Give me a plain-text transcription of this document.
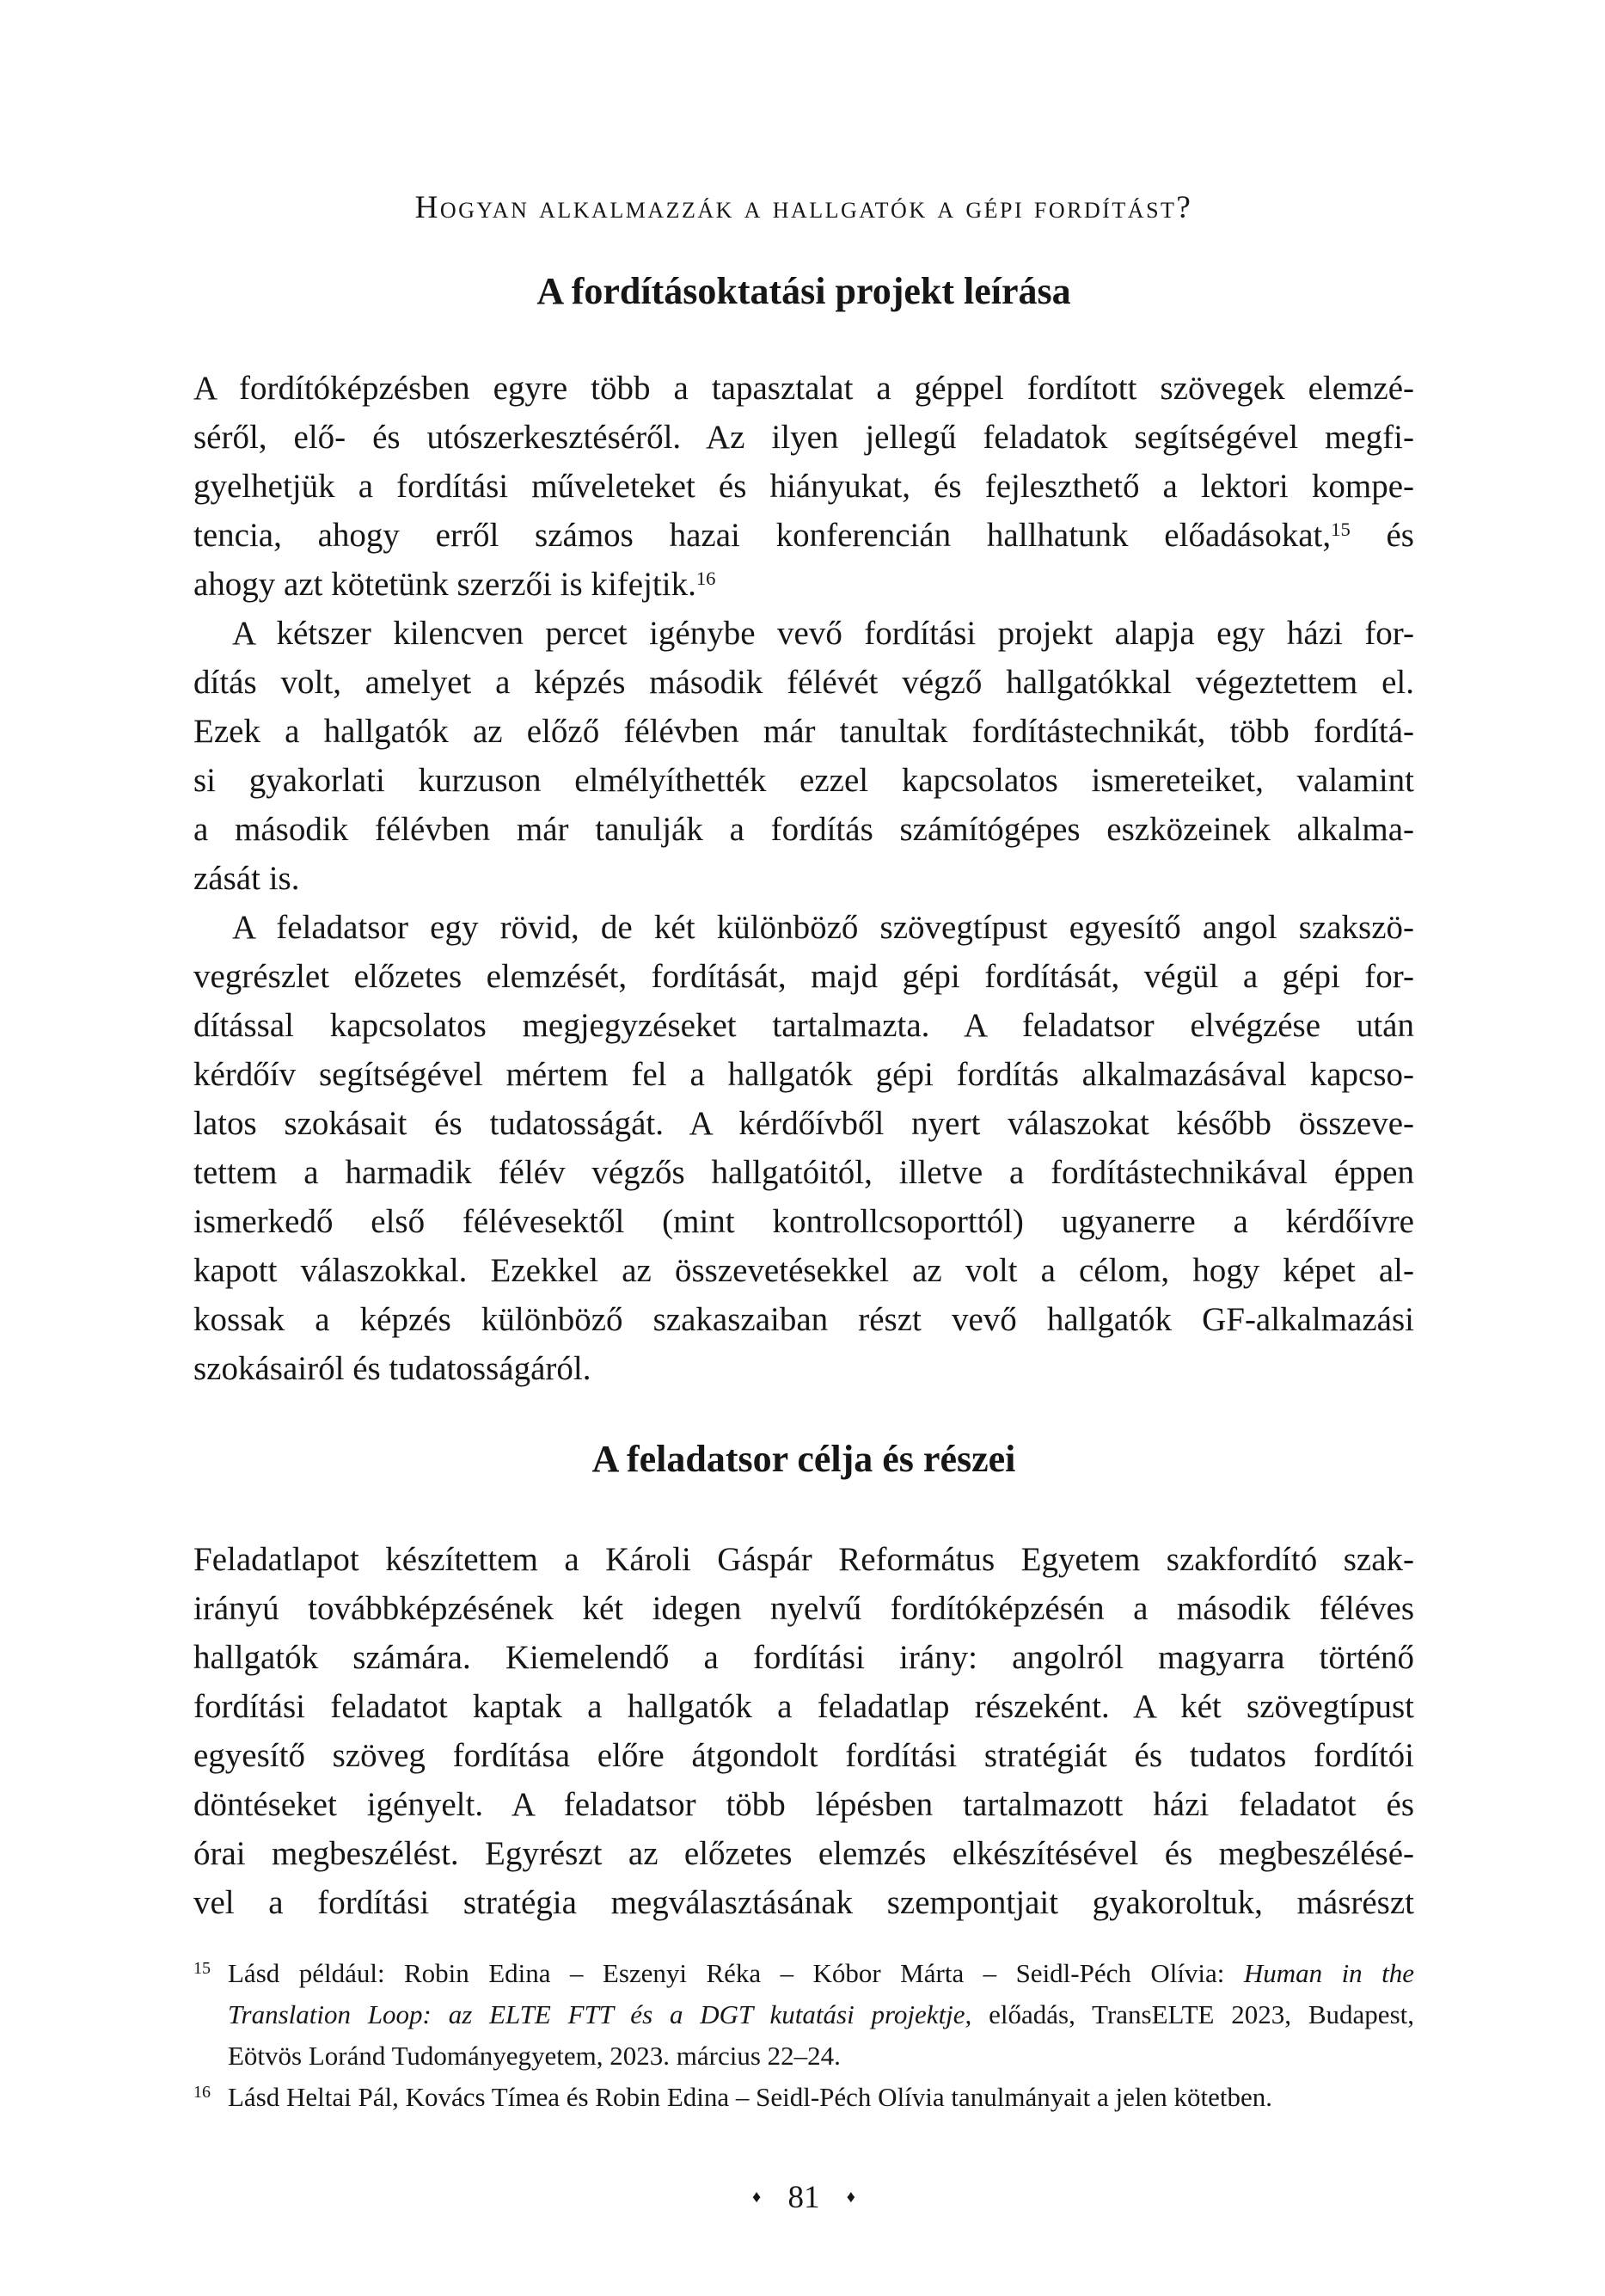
Hogyan alkalmazzák a hallgatók a gépi fordítást?
A fordításoktatási projekt leírása
A fordítóképzésben egyre több a tapasztalat a géppel fordított szövegek elemzé-
séről, elő- és utószerkesztéséről. Az ilyen jellegű feladatok segítségével megfi-
gyelhetjük a fordítási műveleteket és hiányukat, és fejleszthető a lektori kompe-
tencia, ahogy erről számos hazai konferencián hallhatunk előadásokat,$^{15}$ és
ahogy azt kötetünk szerzői is kifejtik.$^{16}$
A kétszer kilencven percet igénybe vevő fordítási projekt alapja egy házi for-
dítás volt, amelyet a képzés második félévét végző hallgatókkal végeztettem el.
Ezek a hallgatók az előző félévben már tanultak fordítástechnikát, több fordítá-
si gyakorlati kurzuson elmélyíthették ezzel kapcsolatos ismereteiket, valamint
a második félévben már tanulják a fordítás számítógépes eszközeinek alkalma-
zását is.
A feladatsor egy rövid, de két különböző szövegtípust egyesítő angol szakszö-
vegrészlet előzetes elemzését, fordítását, majd gépi fordítását, végül a gépi for-
dítással kapcsolatos megjegyzéseket tartalmazta. A feladatsor elvégzése után
kérdőív segítségével mértem fel a hallgatók gépi fordítás alkalmazásával kapcso-
latos szokásait és tudatosságát. A kérdőívből nyert válaszokat később összeve-
tettem a harmadik félév végzős hallgatóitól, illetve a fordítástechnikával éppen
ismerkedő első félévesektől (mint kontrollcsoporttól) ugyanerre a kérdőívre
kapott válaszokkal. Ezekkel az összevetésekkel az volt a célom, hogy képet al-
kossak a képzés különböző szakaszaiban részt vevő hallgatók GF-alkalmazási
szokásairól és tudatosságáról.
A feladatsor célja és részei
Feladatlapot készítettem a Károli Gáspár Református Egyetem szakfordító szak-
irányú továbbképzésének két idegen nyelvű fordítóképzésén a második féléves
hallgatók számára. Kiemelendő a fordítási irány: angolról magyarra történő
fordítási feladatot kaptak a hallgatók a feladatlap részeként. A két szövegtípust
egyesítő szöveg fordítása előre átgondolt fordítási stratégiát és tudatos fordítói
döntéseket igényelt. A feladatsor több lépésben tartalmazott házi feladatot és
órai megbeszélést. Egyrészt az előzetes elemzés elkészítésével és megbeszélésé-
vel a fordítási stratégia megválasztásának szempontjait gyakoroltuk, másrészt
15 Lásd például: Robin Edina – Eszenyi Réka – Kóbor Márta – Seidl-Péch Olívia: Human in the
Translation Loop: az ELTE FTT és a DGT kutatási projektje, előadás, TransELTE 2023, Budapest,
Eötvös Loránd Tudományegyetem, 2023. március 22–24.
16 Lásd Heltai Pál, Kovács Tímea és Robin Edina – Seidl-Péch Olívia tanulmányait a jelen kötetben.
♦ 81 ♦
